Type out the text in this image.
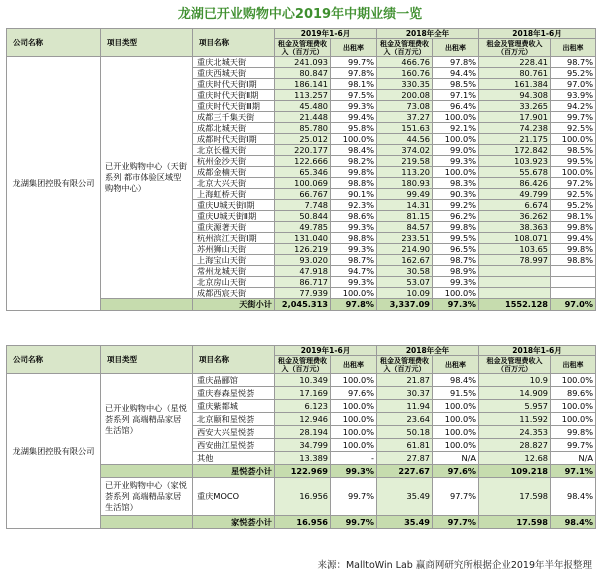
龙湖已开业购物中心2019年中期业绩一览
公司名称	项目类型	项目名称	2019年1-6月		2018年全年		2018年1-6月	
			租金及管理费收入（百万元）	出租率	租金及管理费收入（百万元）	出租率	租金及管理费收入（百万元）	出租率
龙湖集团控股有限公司	已开业购物中心（天街系列 都市体验区域型购物中心）	重庆北城天街	241.093	99.7%	466.76	97.8%	228.41	98.7%
		重庆西城天街	80.847	97.8%	160.76	94.4%	80.761	95.2%
		重庆时代天街Ⅰ期	186.141	98.1%	330.35	98.5%	161.384	97.0%
		重庆时代天街Ⅱ期	113.257	97.5%	200.08	97.1%	94.308	93.9%
		重庆时代天街Ⅲ期	45.480	99.3%	73.08	96.4%	33.265	94.2%
		成都三千集天街	21.448	99.4%	37.27	100.0%	17.901	99.7%
		成都北城天街	85.780	95.8%	151.63	92.1%	74.238	92.5%
		成都时代天街Ⅰ期	25.012	100.0%	44.56	100.0%	21.175	100.0%
		北京长楹天街	220.177	98.4%	374.02	99.0%	172.842	98.5%
		杭州金沙天街	122.666	98.2%	219.58	99.3%	103.923	99.5%
		成都金楠天街	65.346	99.8%	113.20	100.0%	55.678	100.0%
		北京大兴天街	100.069	98.8%	180.93	98.3%	86.426	97.2%
		上海虹桥天街	66.767	90.1%	99.49	90.3%	49.799	92.5%
		重庆U城天街Ⅰ期	7.748	92.3%	14.31	99.2%	6.674	95.2%
		重庆U城天街Ⅱ期	50.844	98.6%	81.15	96.2%	36.262	98.1%
		重庆源著天街	49.785	99.3%	84.57	99.8%	38.363	99.8%
		杭州滨江天街Ⅰ期	131.040	98.8%	233.51	99.5%	108.071	99.4%
		苏州狮山天街	126.219	99.3%	214.90	96.5%	103.65	99.8%
		上海宝山天街	93.020	98.7%	162.67	98.7%	78.997	98.8%
		常州龙城天街	47.918	94.7%	30.58	98.9%		
		北京房山天街	86.717	99.3%	53.07	99.3%		
		成都西宸天街	77.939	100.0%	10.09	100.0%		
		天街小计	2,045.313	97.8%	3,337.09	97.3%	1552.128	97.0%
公司名称	项目类型	项目名称	2019年1-6月		2018年全年		2018年1-6月	
			租金及管理费收入（百万元）	出租率	租金及管理费收入（百万元）	出租率	租金及管理费收入（百万元）	出租率
龙湖集团控股有限公司	已开业购物中心（星悦荟系列 高端精品家居生活馆）	重庆晶郦馆	10.349	100.0%	21.87	98.4%	10.9	100.0%
		重庆春森星悦荟	17.169	97.6%	30.37	91.5%	14.909	89.6%
		重庆紫都城	6.123	100.0%	11.94	100.0%	5.957	100.0%
		北京颐和星悦荟	12.946	100.0%	23.64	100.0%	11.592	100.0%
		西安大兴星悦荟	28.194	100.0%	50.18	100.0%	24.353	99.8%
		西安曲江星悦荟	34.799	100.0%	61.81	100.0%	28.827	99.7%
		其他	13.389	-	27.87	N/A	12.68	N/A
		星悦荟小计	122.969	99.3%	227.67	97.6%	109.218	97.1%
	已开业购物中心（家悦荟系列 高端精品家居生活馆）	重庆MOCO	16.956	99.7%	35.49	97.7%	17.598	98.4%
		家悦荟小计	16.956	99.7%	35.49	97.7%	17.598	98.4%
来源：MalltoWin Lab 赢商网研究所根据企业2019年半年报整理
